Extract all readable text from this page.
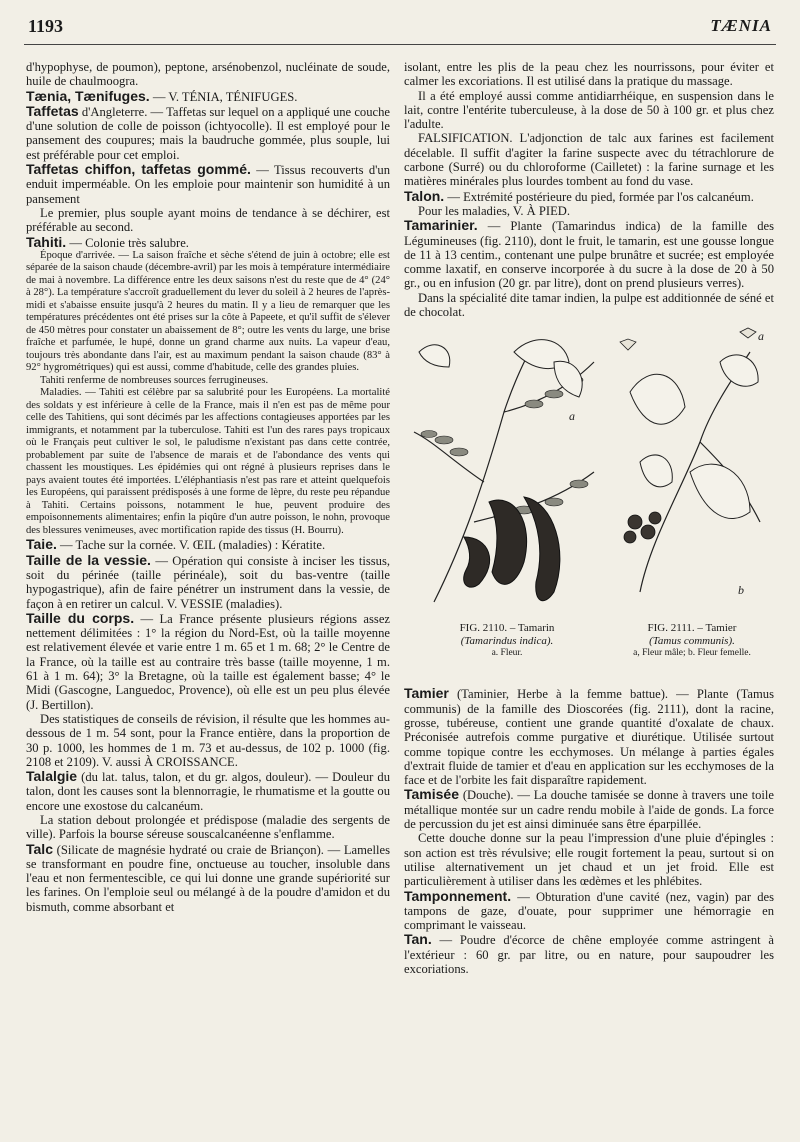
1193	TÆNIA

d'hypophyse, de poumon), peptone, arsénobenzol, nucléinate de soude, huile de chaulmoogra.

Tænia, Tænifuges. — V. TÉNIA, TÉNIFUGES.

Taffetas d'Angleterre. — Taffetas sur lequel on a appliqué une couche d'une solution de colle de poisson (ichtyocolle). Il est employé pour le pansement des coupures; mais la baudruche gommée, plus souple, lui est préférable pour cet emploi.

Taffetas chiffon, taffetas gommé. — Tissus recouverts d'un enduit imperméable. On les emploie pour maintenir son humidité à un pansement

Le premier, plus souple ayant moins de tendance à se déchirer, est préférable au second.

Tahiti. — Colonie très salubre.

Époque d'arrivée. — La saison fraîche et sèche s'étend de juin à octobre; elle est séparée de la saison chaude (décembre-avril) par les mois à température intermédiaire de mai à novembre. La différence entre les deux saisons n'est du reste que de 4° (24° à 28°). La température s'accroît graduellement du lever du soleil à 2 heures de l'après-midi et s'abaisse ensuite jusqu'à 2 heures du matin. Il y a lieu de remarquer que les températures précédentes ont été prises sur la côte à Papeete, et qu'il suffit de s'élever de 450 mètres pour constater un abaissement de 8°; outre les vents du large, une brise fraîche et parfumée, le hupé, donne un grand charme aux nuits. La vapeur d'eau, toujours très abondante dans l'air, est au maximum pendant la saison chaude (83° à 92° hygrométriques) qui est aussi, comme d'habitude, celle des grandes pluies.

Tahiti renferme de nombreuses sources ferrugineuses.

Maladies. — Tahiti est célèbre par sa salubrité pour les Européens. La mortalité des soldats y est inférieure à celle de la France, mais il n'en est pas de même pour celle des Tahitiens, qui sont décimés par les affections contagieuses apportées par les immigrants, et notamment par la tuberculose. Tahiti est l'un des rares pays tropicaux où le Français peut cultiver le sol, le paludisme n'existant pas dans cette contrée, probablement par suite de l'absence de marais et de l'abondance des vents qui chassent les moustiques. Les épidémies qui ont régné à plusieurs reprises dans le pays avaient toutes été importées. L'éléphantiasis n'est pas rare et atteint quelquefois les Européens, qui paraissent prédisposés à une forme de lèpre, du reste peu répandue à Tahiti. Certains poissons, notamment le hue, peuvent produire des empoisonnements alimentaires; enfin la piqûre d'un autre poisson, le nohn, provoque des blessures venimeuses, avec mortification rapide des tissus (H. Bourru).

Taie. — Tache sur la cornée. V. ŒIL (maladies) : Kératite.

Taille de la vessie. — Opération qui consiste à inciser les tissus, soit du périnée (taille périnéale), soit du bas-ventre (taille hypogastrique), afin de faire pénétrer un instrument dans la vessie, de façon à en retirer un calcul. V. VESSIE (maladies).

Taille du corps. — La France présente plusieurs régions assez nettement délimitées : 1° la région du Nord-Est, où la taille moyenne est relativement élevée et varie entre 1 m. 65 et 1 m. 68; 2° le Centre de la France, où la taille est au contraire très basse (taille moyenne, 1 m. 61 à 1 m. 64); 3° la Bretagne, où la taille est également basse; 4° le Midi (Gascogne, Languedoc, Provence), où elle est un peu plus élevée (J. Bertillon).

Des statistiques de conseils de révision, il résulte que les hommes au-dessous de 1 m. 54 sont, pour la France entière, dans la proportion de 30 p. 1000, les hommes de 1 m. 73 et au-dessus, de 102 p. 1000 (fig. 2108 et 2109). V. aussi À CROISSANCE.

Talalgie (du lat. talus, talon, et du gr. algos, douleur). — Douleur du talon, dont les causes sont la blennorragie, le rhumatisme et la goutte ou encore une exostose du calcanéum.

La station debout prolongée et prédispose (maladie des sergents de ville). Parfois la bourse séreuse souscalcanéenne s'enflamme.

Talc (Silicate de magnésie hydraté ou craie de Briançon). — Lamelles se transformant en poudre fine, onctueuse au toucher, insoluble dans l'eau et non fermentescible, ce qui lui donne une grande supériorité sur les farines. On l'emploie seul ou mélangé à de la poudre d'amidon et du bismuth, comme absorbant et

isolant, entre les plis de la peau chez les nourrissons, pour éviter et calmer les excoriations. Il est utilisé dans la pratique du massage.

Il a été employé aussi comme antidiarrhéique, en suspension dans le lait, contre l'entérite tuberculeuse, à la dose de 50 à 100 gr. et plus chez l'adulte.

FALSIFICATION. L'adjonction de talc aux farines est facilement décelable. Il suffit d'agiter la farine suspecte avec du tétrachlorure de carbone (Surré) ou du chloroforme (Cailletet) : la farine surnage et les matières minérales plus lourdes tombent au fond du vase.

Talon. — Extrémité postérieure du pied, formée par l'os calcanéum.

Pour les maladies, V. À PIED.

Tamarinier. — Plante (Tamarindus indica) de la famille des Légumineuses (fig. 2110), dont le fruit, le tamarin, est une gousse longue de 11 à 13 centim., contenant une pulpe brunâtre et sucrée; est employée comme laxatif, en conserve incorporée à du sucre à la dose de 20 à 50 gr., ou en infusion (20 gr. par litre), dont on prend plusieurs verres).

Dans la spécialité dite tamar indien, la pulpe est additionnée de séné et de chocolat.

a
a
b
FIG. 2110. – Tamarin
(Tamarindus indica).
a. Fleur.
FIG. 2111. – Tamier
(Tamus communis).
a, Fleur mâle; b. Fleur femelle.

Tamier (Taminier, Herbe à la femme battue). — Plante (Tamus communis) de la famille des Dioscorées (fig. 2111), dont la racine, grosse, tubéreuse, contient une grande quantité d'oxalate de chaux. Préconisée autrefois comme purgative et diurétique. Utilisée surtout comme topique contre les ecchymoses. Un mélange à parties égales d'extrait fluide de tamier et d'eau en application sur les ecchymoses de la face et de l'orbite les fait disparaître rapidement.

Tamisée (Douche). — La douche tamisée se donne à travers une toile métallique montée sur un cadre rendu mobile à l'aide de gonds. La force de percussion du jet est ainsi diminuée sans être éparpillée.

Cette douche donne sur la peau l'impression d'une pluie d'épingles : son action est très révulsive; elle rougit fortement la peau, surtout si on utilise alternativement un jet chaud et un jet froid. Elle est particulièrement à utiliser dans les œdèmes et les phlébites.

Tamponnement. — Obturation d'une cavité (nez, vagin) par des tampons de gaze, d'ouate, pour supprimer une hémorragie en comprimant le vaisseau.

Tan. — Poudre d'écorce de chêne employée comme astringent à l'extérieur : 60 gr. par litre, ou en nature, pour saupoudrer les excoriations.
